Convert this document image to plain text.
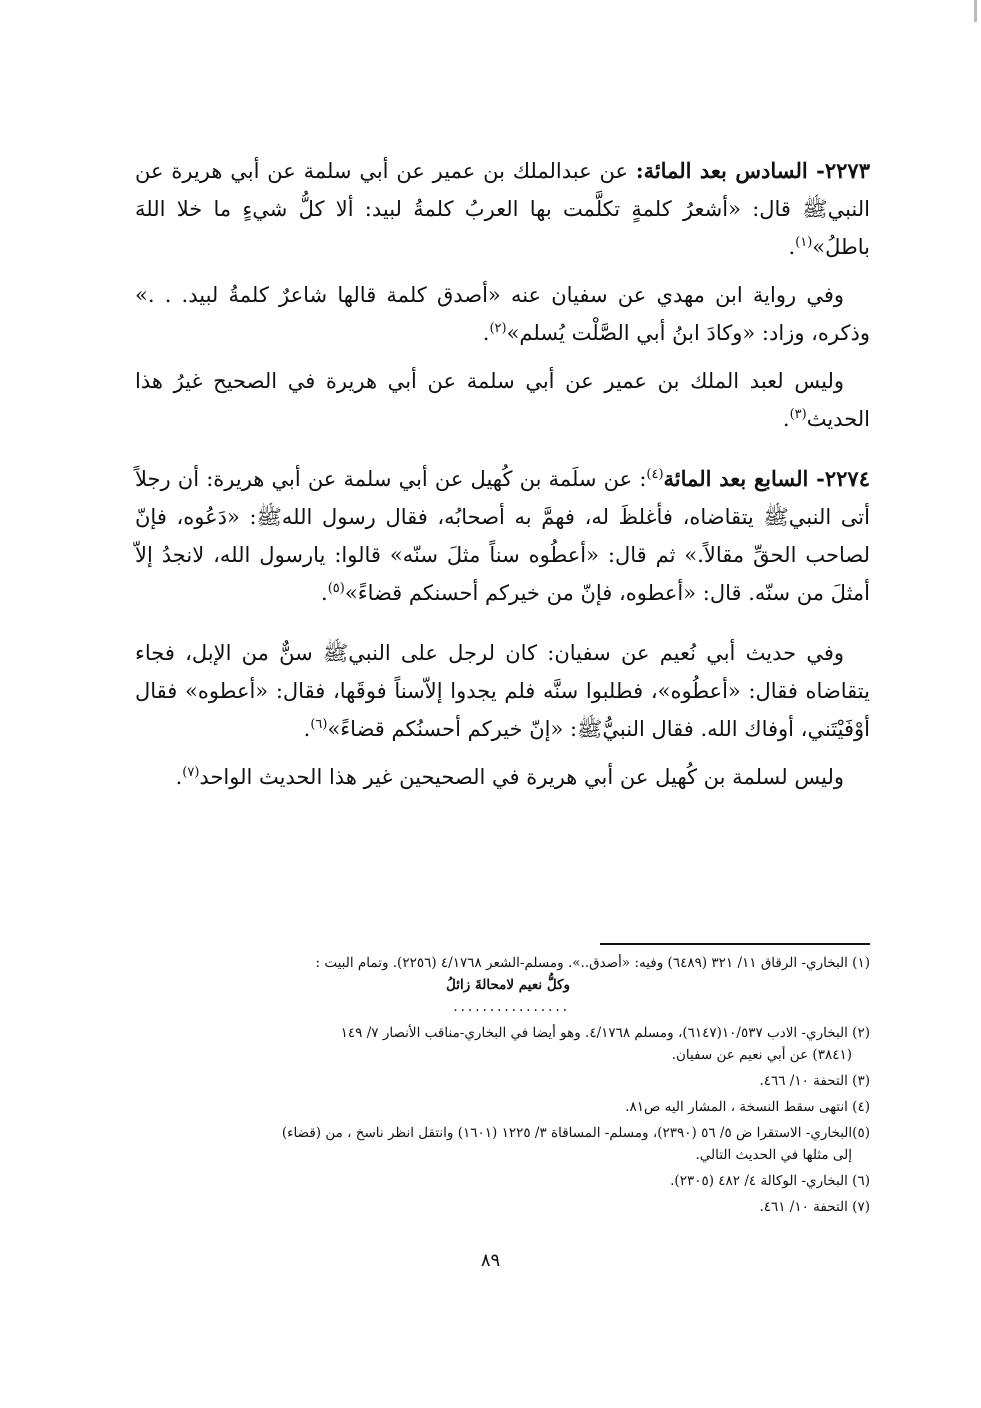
٢٢٧٣- السادس بعد المائة: عن عبدالملك بن عمير عن أبي سلمة عن أبي هريرة عن النبيﷺ قال: «أشعرُ كلمةٍ تكلَّمت بها العربُ كلمةُ لبيد: ألا كلُّ شيءٍ ما خلا اللهَ باطلُ»$^{(١)}$.

وفي رواية ابن مهدي عن سفيان عنه «أصدق كلمة قالها شاعرٌ كلمةُ لبيد. . .» وذكره، وزاد: «وكادَ ابنُ أبي الصَّلْت يُسلم»$^{(٢)}$.

وليس لعبد الملك بن عمير عن أبي سلمة عن أبي هريرة في الصحيح غيرُ هذا الحديث$^{(٣)}$.

٢٢٧٤- السابع بعد المائة$^{(٤)}$: عن سلَمة بن كُهيل عن أبي سلمة عن أبي هريرة: أن رجلاً أتى النبيﷺ يتقاضاه، فأغلظَ له، فهمَّ به أصحابُه، فقال رسول اللهﷺ: «دَعُوه، فإنّ لصاحب الحقِّ مقالاً.» ثم قال: «أعطُوه سناً مثلَ سنّه» قالوا: يارسول الله، لانجدُ إلاّ أمثلَ من سنّه. قال: «أعطوه، فإنّ من خيركم أحسنكم قضاءً»$^{(٥)}$.

وفي حديث أبي نُعيم عن سفيان: كان لرجل على النبيﷺ سنٌّ من الإبل، فجاء يتقاضاه فقال: «أعطُوه»، فطلبوا سنَّه فلم يجدوا إلاّسناً فوقَها، فقال: «أعطوه» فقال أوْفَيْتَني، أوفاك الله. فقال النبيُّﷺ: «إنّ خيركم أحسنُكم قضاءً»$^{(٦)}$.

وليس لسلمة بن كُهيل عن أبي هريرة في الصحيحين غير هذا الحديث الواحد$^{(٧)}$.

(١) البخاري- الرقاق ١١/ ٣٢١ (٦٤٨٩) وفيه: «أصدق..». ومسلم-الشعر ٤/١٧٦٨ (٢٢٥٦). وتمام البيت :
وكلُّ نعيم لامحالةَ زائلُ
................
(٢) البخاري- الادب ١٠/٥٣٧(٦١٤٧)، ومسلم ٤/١٧٦٨. وهو أيضا في البخاري-مناقب الأنصار ٧/ ١٤٩
(٣٨٤١) عن أبي نعيم عن سفيان.
(٣) التحفة ١٠/ ٤٦٦.
(٤) انتهى سقط النسخة ، المشار اليه ص٨١.
(٥)البخاري- الاستقرا ض ٥/ ٥٦ (٢٣٩٠)، ومسلم- المساقاة ٣/ ١٢٢٥ (١٦٠١) وانتقل انظر ناسخ ، من (قضاء)
إلى مثلها في الحديث التالي.
(٦) البخاري- الوكالة ٤/ ٤٨٢ (٢٣٠٥).
(٧) التحفة ١٠/ ٤٦١.
٨٩
